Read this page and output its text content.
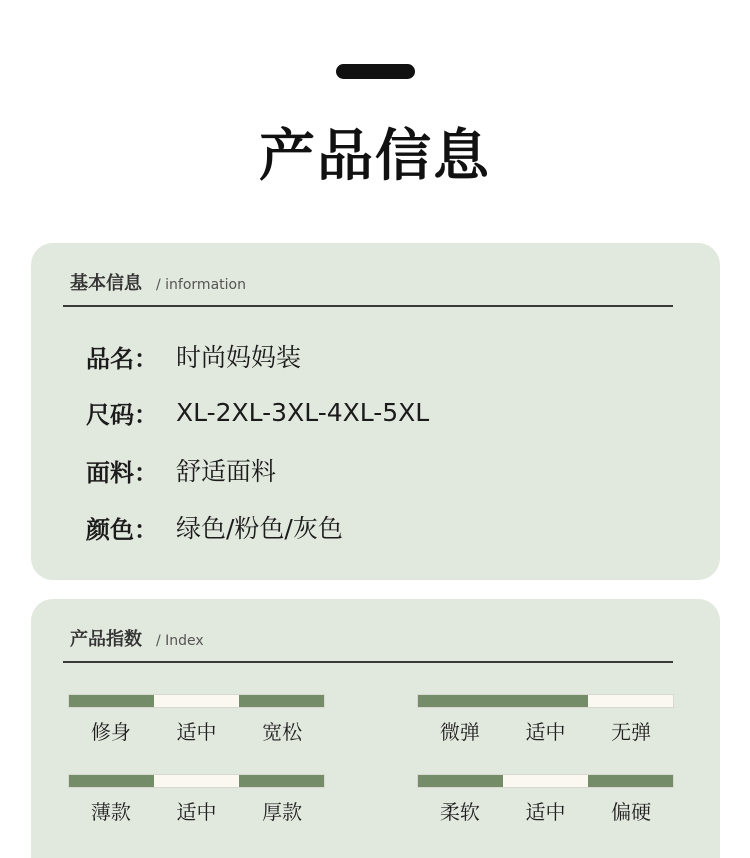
产品信息
基本信息 / information
品名： 时尚妈妈装
尺码： XL-2XL-3XL-4XL-5XL
面料： 舒适面料
颜色： 绿色/粉色/灰色
产品指数 / Index
修身	适中	宽松	微弹	适中	无弹
薄款	适中	厚款	柔软	适中	偏硬
